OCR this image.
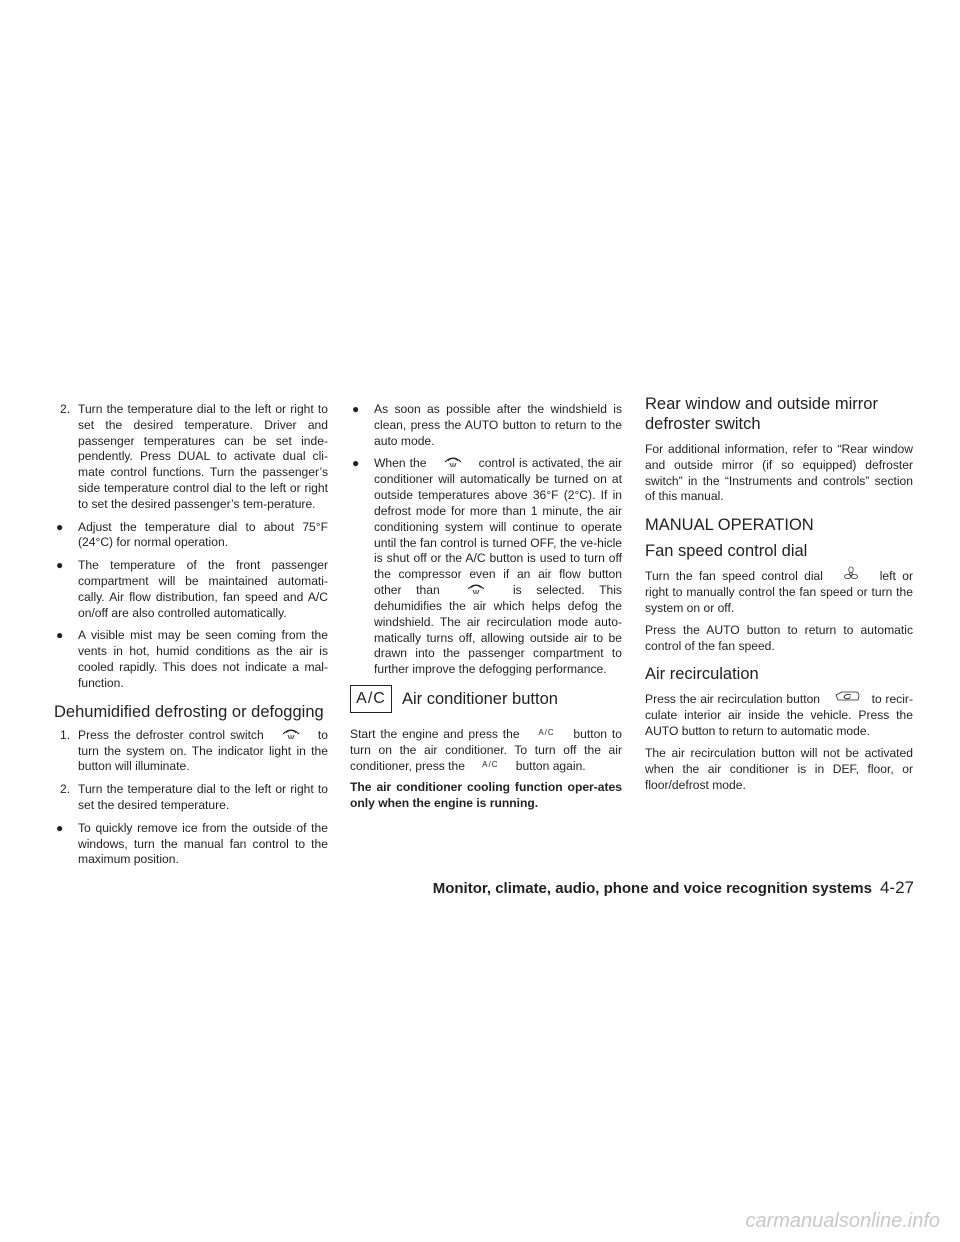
2. Turn the temperature dial to the left or right to set the desired temperature. Driver and passenger temperatures can be set inde-pendently. Press DUAL to activate dual cli-mate control functions. Turn the passenger’s side temperature control dial to the left or right to set the desired passenger’s tem-perature.
● Adjust the temperature dial to about 75°F (24°C) for normal operation.
● The temperature of the front passenger compartment will be maintained automati-cally. Air flow distribution, fan speed and A/C on/off are also controlled automatically.
● A visible mist may be seen coming from the vents in hot, humid conditions as the air is cooled rapidly. This does not indicate a mal-function.
Dehumidified defrosting or defogging
1. Press the defroster control switch	to turn the system on. The indicator light in the button will illuminate.
2. Turn the temperature dial to the left or right to set the desired temperature.
● To quickly remove ice from the outside of the windows, turn the manual fan control to the maximum position.
● As soon as possible after the windshield is clean, press the AUTO button to return to the auto mode.
● When the	control is activated, the air conditioner will automatically be turned on at outside temperatures above 36°F (2°C). If in defrost mode for more than 1 minute, the air conditioning system will continue to operate until the fan control is turned OFF, the ve-hicle is shut off or the A/C button is used to turn off the compressor even if an air flow button other than	is selected. This dehumidifies the air which helps defog the windshield. The air recirculation mode auto-matically turns off, allowing outside air to be drawn into the passenger compartment to further improve the defogging performance.
A/C Air conditioner button

Start the engine and press the A/C button to turn on the air conditioner. To turn off the air conditioner, press the A/C button again.

The air conditioner cooling function oper-ates only when the engine is running.

Rear window and outside mirror defroster switch

For additional information, refer to “Rear window and outside mirror (if so equipped) defroster switch” in the “Instruments and controls” section of this manual.

MANUAL OPERATION
Fan speed control dial

Turn the fan speed control dial	left or right to manually control the fan speed or turn the system on or off.

Press the AUTO button to return to automatic control of the fan speed.

Air recirculation

Press the air recirculation button	to recir-culate interior air inside the vehicle. Press the AUTO button to return to automatic mode.

The air recirculation button will not be activated when the air conditioner is in DEF, floor, or floor/defrost mode.

Monitor, climate, audio, phone and voice recognition systems 4-27
carmanualsonline.info
